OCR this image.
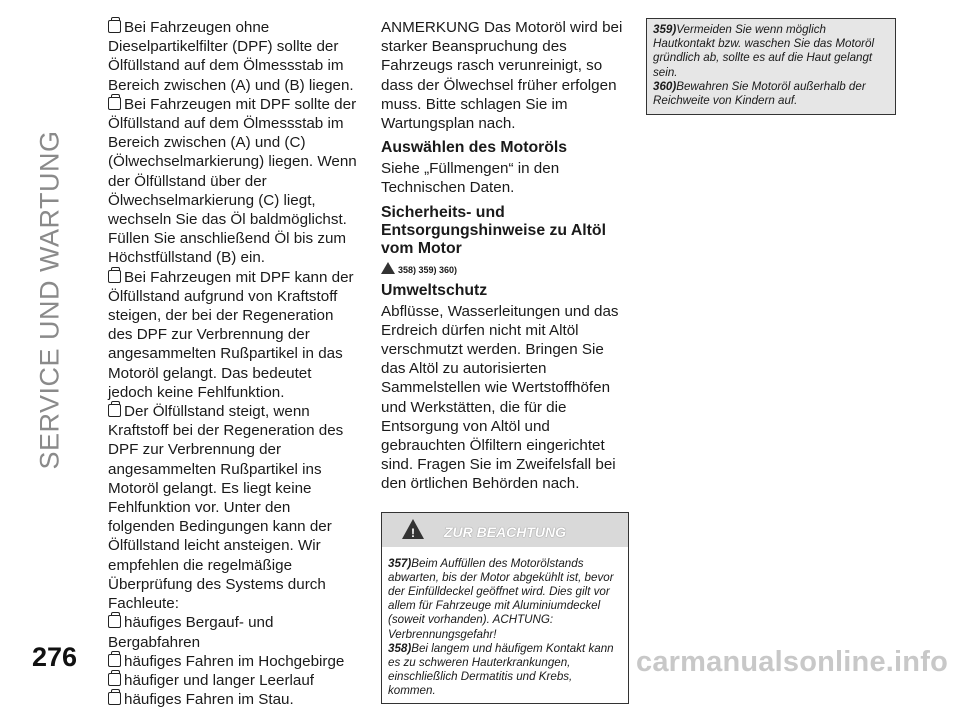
SERVICE UND WARTUNG

Bei Fahrzeugen ohne Dieselpartikelfilter (DPF) sollte der Ölfüllstand auf dem Ölmessstab im Bereich zwischen (A) und (B) liegen.

Bei Fahrzeugen mit DPF sollte der Ölfüllstand auf dem Ölmessstab im Bereich zwischen (A) und (C) (Ölwechselmarkierung) liegen. Wenn der Ölfüllstand über der Ölwechselmarkierung (C) liegt, wechseln Sie das Öl baldmöglichst. Füllen Sie anschließend Öl bis zum Höchstfüllstand (B) ein.

Bei Fahrzeugen mit DPF kann der Ölfüllstand aufgrund von Kraftstoff steigen, der bei der Regeneration des DPF zur Verbrennung der angesammelten Rußpartikel in das Motoröl gelangt. Das bedeutet jedoch keine Fehlfunktion.

Der Ölfüllstand steigt, wenn Kraftstoff bei der Regeneration des DPF zur Verbrennung der angesammelten Rußpartikel ins Motoröl gelangt. Es liegt keine Fehlfunktion vor. Unter den folgenden Bedingungen kann der Ölfüllstand leicht ansteigen. Wir empfehlen die regelmäßige Überprüfung des Systems durch Fachleute:

häufiges Bergauf- und Bergabfahren

häufiges Fahren im Hochgebirge

häufiger und langer Leerlauf

häufiges Fahren im Stau.

ANMERKUNG Das Motoröl wird bei starker Beanspruchung des Fahrzeugs rasch verunreinigt, so dass der Ölwechsel früher erfolgen muss. Bitte schlagen Sie im Wartungsplan nach.

Auswählen des Motoröls

Siehe „Füllmengen“ in den Technischen Daten.

Sicherheits- und Entsorgungshinweise zu Altöl vom Motor
358) 359) 360)
Umweltschutz

Abflüsse, Wasserleitungen und das Erdreich dürfen nicht mit Altöl verschmutzt werden. Bringen Sie das Altöl zu autorisierten Sammelstellen wie Wertstoffhöfen und Werkstätten, die für die Entsorgung von Altöl und gebrauchten Ölfiltern eingerichtet sind. Fragen Sie im Zweifelsfall bei den örtlichen Behörden nach.

!	ZUR BEACHTUNG

357)Beim Auffüllen des Motorölstands abwarten, bis der Motor abgekühlt ist, bevor der Einfülldeckel geöffnet wird. Dies gilt vor allem für Fahrzeuge mit Aluminiumdeckel (soweit vorhanden). ACHTUNG: Verbrennungsgefahr!

358)Bei langem und häufigem Kontakt kann es zu schweren Hauterkrankungen, einschließlich Dermatitis und Krebs, kommen.

359)Vermeiden Sie wenn möglich Hautkontakt bzw. waschen Sie das Motoröl gründlich ab, sollte es auf die Haut gelangt sein.

360)Bewahren Sie Motoröl außerhalb der Reichweite von Kindern auf.

276	carmanualsonline.info
